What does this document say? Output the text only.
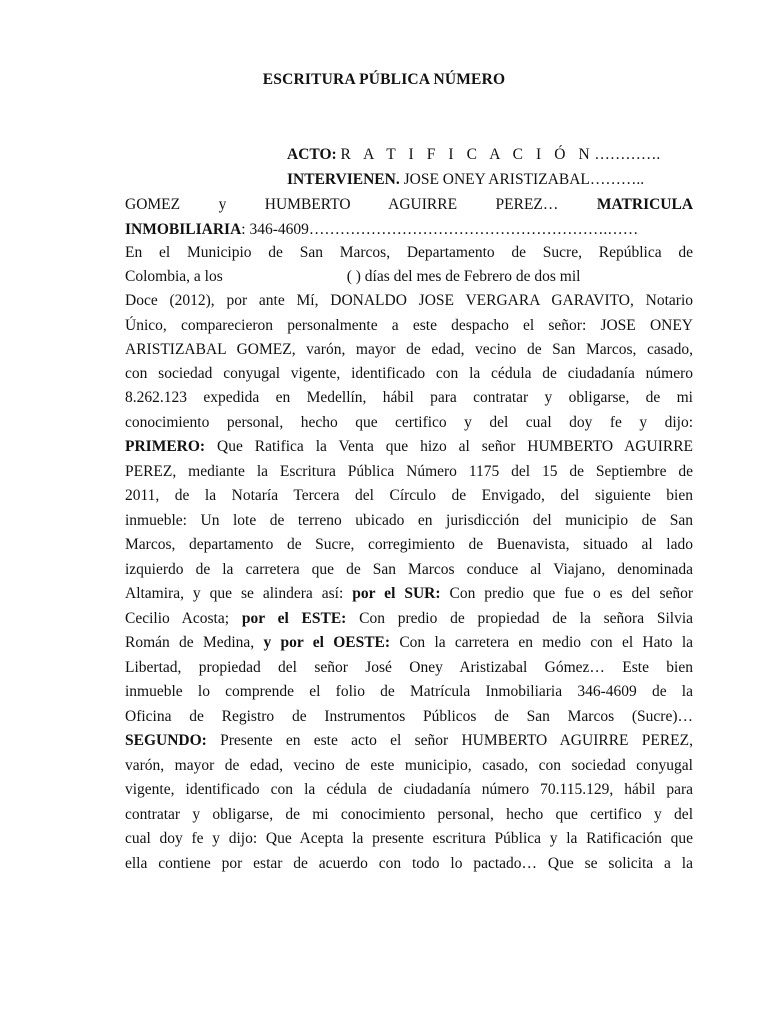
ESCRITURA PÚBLICA NÚMERO
ACTO: R A T I F I C A C I Ó N………….
INTERVIENEN. JOSE ONEY ARISTIZABAL………..
GOMEZ y HUMBERTO AGUIRRE PEREZ… MATRICULA
INMOBILIARIA: 346-4609………………………………………………….……
En el Municipio de San Marcos, Departamento de Sucre, República de
Colombia, a los	( ) días del mes de Febrero de dos mil
Doce (2012), por ante Mí, DONALDO JOSE VERGARA GARAVITO, Notario
Único, comparecieron personalmente a este despacho el señor: JOSE ONEY
ARISTIZABAL GOMEZ, varón, mayor de edad, vecino de San Marcos, casado,
con sociedad conyugal vigente, identificado con la cédula de ciudadanía número
8.262.123 expedida en Medellín, hábil para contratar y obligarse, de mi
conocimiento personal, hecho que certifico y del cual doy fe y dijo:
PRIMERO: Que Ratifica la Venta que hizo al señor HUMBERTO AGUIRRE
PEREZ, mediante la Escritura Pública Número 1175 del 15 de Septiembre de
2011, de la Notaría Tercera del Círculo de Envigado, del siguiente bien
inmueble: Un lote de terreno ubicado en jurisdicción del municipio de San
Marcos, departamento de Sucre, corregimiento de Buenavista, situado al lado
izquierdo de la carretera que de San Marcos conduce al Viajano, denominada
Altamira, y que se alindera así: por el SUR: Con predio que fue o es del señor
Cecilio Acosta; por el ESTE: Con predio de propiedad de la señora Silvia
Román de Medina, y por el OESTE: Con la carretera en medio con el Hato la
Libertad, propiedad del señor José Oney Aristizabal Gómez… Este bien
inmueble lo comprende el folio de Matrícula Inmobiliaria 346-4609 de la
Oficina de Registro de Instrumentos Públicos de San Marcos (Sucre)…
SEGUNDO: Presente en este acto el señor HUMBERTO AGUIRRE PEREZ,
varón, mayor de edad, vecino de este municipio, casado, con sociedad conyugal
vigente, identificado con la cédula de ciudadanía número 70.115.129, hábil para
contratar y obligarse, de mi conocimiento personal, hecho que certifico y del
cual doy fe y dijo: Que Acepta la presente escritura Pública y la Ratificación que
ella contiene por estar de acuerdo con todo lo pactado… Que se solicita a la
